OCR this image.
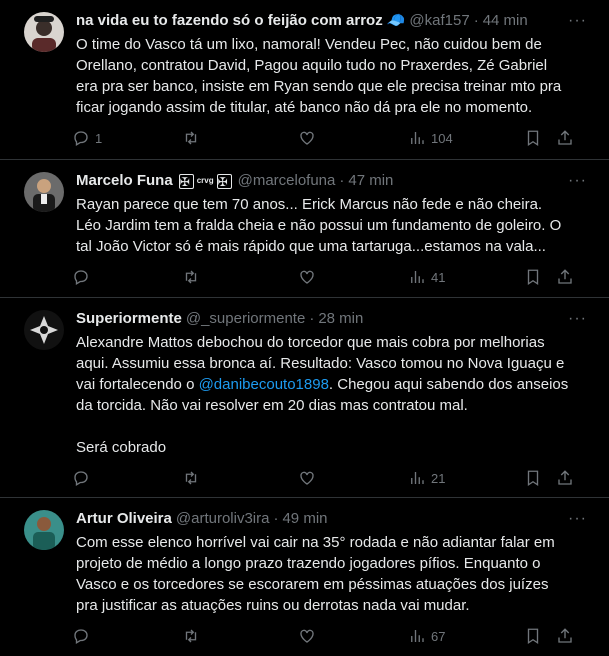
na vida eu to fazendo só o feijão com arroz 🧢 @kaf157 · 44 min	···
O time do Vasco tá um lixo, namoral! Vendeu Pec, não cuidou bem de Orellano, contratou David, Pagou aquilo tudo no Praxerdes, Zé Gabriel era pra ser banco, insiste em Ryan sendo que ele precisa treinar mto pra ficar jogando assim de titular, até banco não dá pra ele no momento.
1	104
Marcelo Funa ✠	crvg ✠ @marcelofuna · 47 min	···
Rayan parece que tem 70 anos... Erick Marcus não fede e não cheira. Léo Jardim tem a fralda cheia e não possui um fundamento de goleiro. O tal João Victor só é mais rápido que uma tartaruga...estamos na vala...
41
Superiormente @_superiormente · 28 min	···
Alexandre Mattos debochou do torcedor que mais cobra por melhorias aqui. Assumiu essa bronca aí. Resultado: Vasco tomou no Nova Iguaçu e vai fortalecendo o @danibecouto1898. Chegou aqui sabendo dos anseios da torcida. Não vai resolver em 20 dias mas contratou mal.

Será cobrado
21
Artur Oliveira @arturoliv3ira · 49 min	···
Com esse elenco horrível vai cair na 35° rodada e não adiantar falar em projeto de médio a longo prazo trazendo jogadores pífios. Enquanto o Vasco e os torcedores se escorarem em péssimas atuações dos juízes pra justificar as atuações ruins ou derrotas nada vai mudar.
67
